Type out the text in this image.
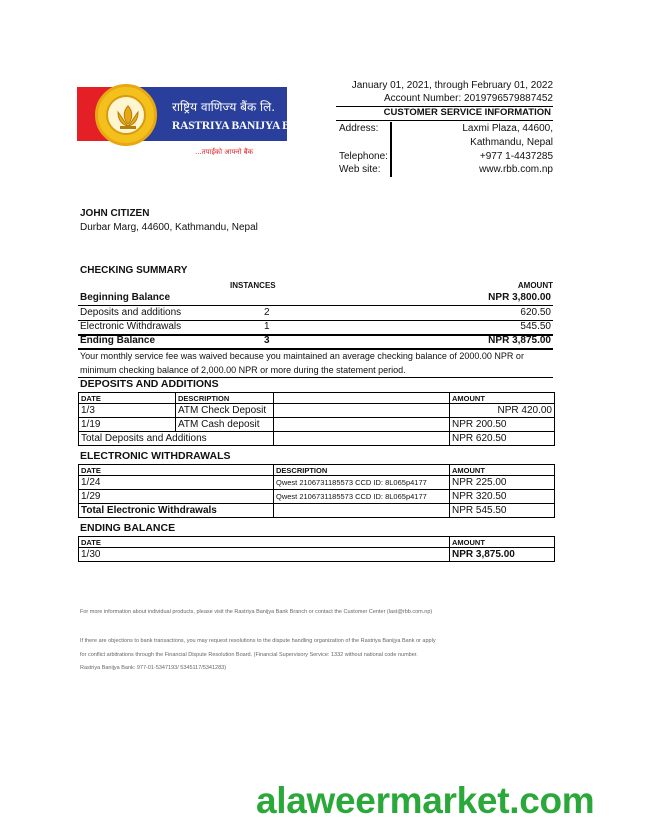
राष्ट्रिय वाणिज्य बैंक लि.
RASTRIYA BANIJYA BANK LTD.
...तपाईंको आफ्नो बैंक
January 01, 2021, through February 01, 2022
Account Number: 2019796579887452
CUSTOMER SERVICE INFORMATION
Address:	Laxmi Plaza, 44600,
Kathmandu, Nepal
Telephone:	+977 1-4437285
Web site:	www.rbb.com.np
JOHN CITIZEN
Durbar Marg, 44600, Kathmandu, Nepal
CHECKING SUMMARY
INSTANCES	AMOUNT
Beginning Balance	NPR 3,800.00
Deposits and additions	2	620.50
Electronic Withdrawals	1	545.50
Ending Balance	3	NPR 3,875.00
Your monthly service fee was waived because you maintained an average checking balance of 2000.00 NPR or minimum checking balance of 2,000.00 NPR or more during the statement period.
DEPOSITS AND ADDITIONS
DATE	DESCRIPTION		AMOUNT
1/3	ATM Check Deposit		NPR 420.00
1/19	ATM Cash deposit		NPR 200.50
Total Deposits and Additions			NPR 620.50
ELECTRONIC WITHDRAWALS
DATE	DESCRIPTION	AMOUNT
1/24	Qwest 2106731185573 CCD ID: 8L065p4177	NPR 225.00
1/29	Qwest 2106731185573 CCD ID: 8L065p4177	NPR 320.50
Total Electronic Withdrawals		NPR 545.50
ENDING BALANCE
DATE	AMOUNT
1/30	NPR 3,875.00
For more information about individual products, please visit the Rastriya Banijya Bank Branch or contact the Customer Center (last@rbb.com.np)
If there are objections to bank transactions, you may request resolutions to the dispute handling organization of the Rastriya Banijya Bank or apply
for conflict arbitrations through the Financial Dispute Resolution Board. (Financial Supervisory Service: 1332 without national code number.
Rastriya Banijya Bank: 977-01-5347193/ 5345117/5341283)
alaweermarket.com
